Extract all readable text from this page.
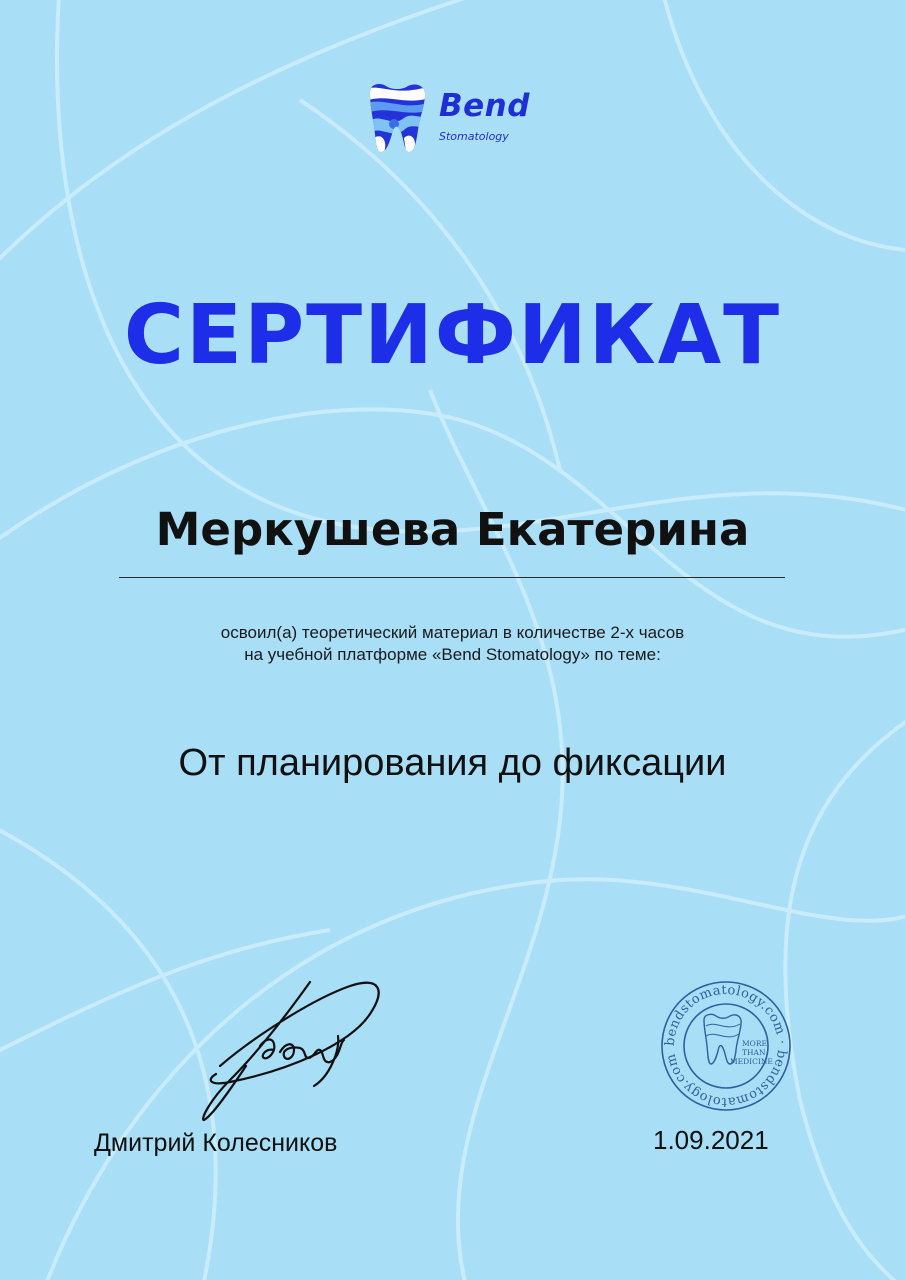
Bend
Stomatology
СЕРТИФИКАТ
Меркушева Екатерина
освоил(а) теоретический материал в количестве 2-х часов
на учебной платформе «Bend Stomatology» по теме:
От планирования до фиксации
Дмитрий Колесников
bendstomatology.com · bendstomatology.com
MORE
THAN
MEDICINE
1.09.2021
